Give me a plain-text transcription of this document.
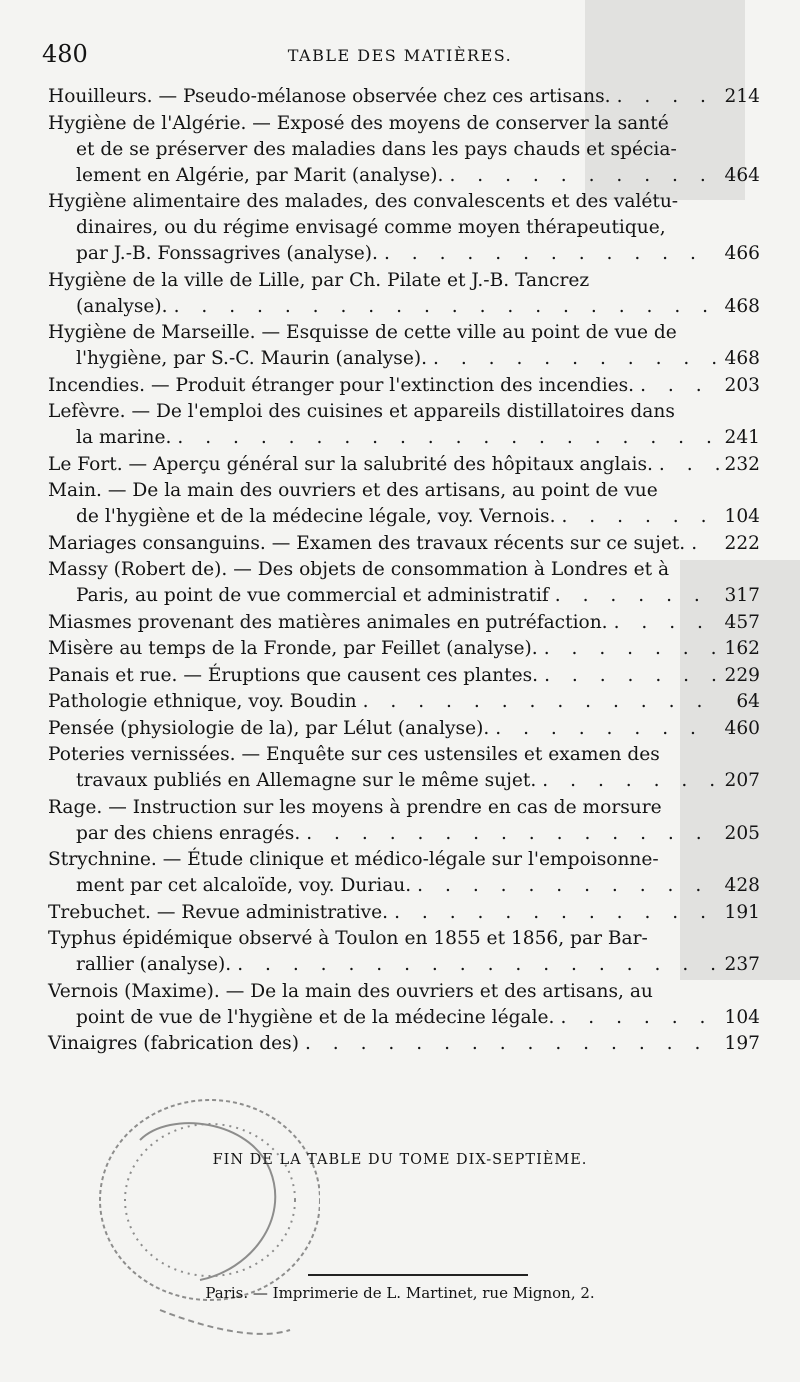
480	TABLE DES MATIÈRES.
Houilleurs. — Pseudo-mélanose observée chez ces artisans. . . .	214
Hygiène de l'Algérie. — Exposé des moyens de conserver la santé
et de se préserver des maladies dans les pays chauds et spécia-
lement en Algérie, par Marit (analyse). . . .	464
Hygiène alimentaire des malades, des convalescents et des valétu-
dinaires, ou du régime envisagé comme moyen thérapeutique,
par J.-B. Fonssagrives (analyse). . . .	466
Hygiène de la ville de Lille, par Ch. Pilate et J.-B. Tancrez
(analyse). . . .	468
Hygiène de Marseille. — Esquisse de cette ville au point de vue de
l'hygiène, par S.-C. Maurin (analyse). . . .	468
Incendies. — Produit étranger pour l'extinction des incendies. . . .	203
Lefèvre. — De l'emploi des cuisines et appareils distillatoires dans
la marine. . . .	241
Le Fort. — Aperçu général sur la salubrité des hôpitaux anglais. . . .	232
Main. — De la main des ouvriers et des artisans, au point de vue
de l'hygiène et de la médecine légale, voy. Vernois. . . .	104
Mariages consanguins. — Examen des travaux récents sur ce sujet. . . . 222
Massy (Robert de). — Des objets de consommation à Londres et à
Paris, au point de vue commercial et administratif . . .	317
Miasmes provenant des matières animales en putréfaction. . . .	457
Misère au temps de la Fronde, par Feillet (analyse). . . .	162
Panais et rue. — Éruptions que causent ces plantes. . . .	229
Pathologie ethnique, voy. Boudin . . .	64
Pensée (physiologie de la), par Lélut (analyse). . . .	460
Poteries vernissées. — Enquête sur ces ustensiles et examen des
travaux publiés en Allemagne sur le même sujet. . . .	207
Rage. — Instruction sur les moyens à prendre en cas de morsure
par des chiens enragés. . . .	205
Strychnine. — Étude clinique et médico-légale sur l'empoisonne-
ment par cet alcaloïde, voy. Duriau. . . .	428
Trebuchet. — Revue administrative. . . .	191
Typhus épidémique observé à Toulon en 1855 et 1856, par Bar-
rallier (analyse). . . .	237
Vernois (Maxime). — De la main des ouvriers et des artisans, au
point de vue de l'hygiène et de la médecine légale. . . .	104
Vinaigres (fabrication des) . . .	197
FIN DE LA TABLE DU TOME DIX-SEPTIÈME.
Paris. — Imprimerie de L. Martinet, rue Mignon, 2.
